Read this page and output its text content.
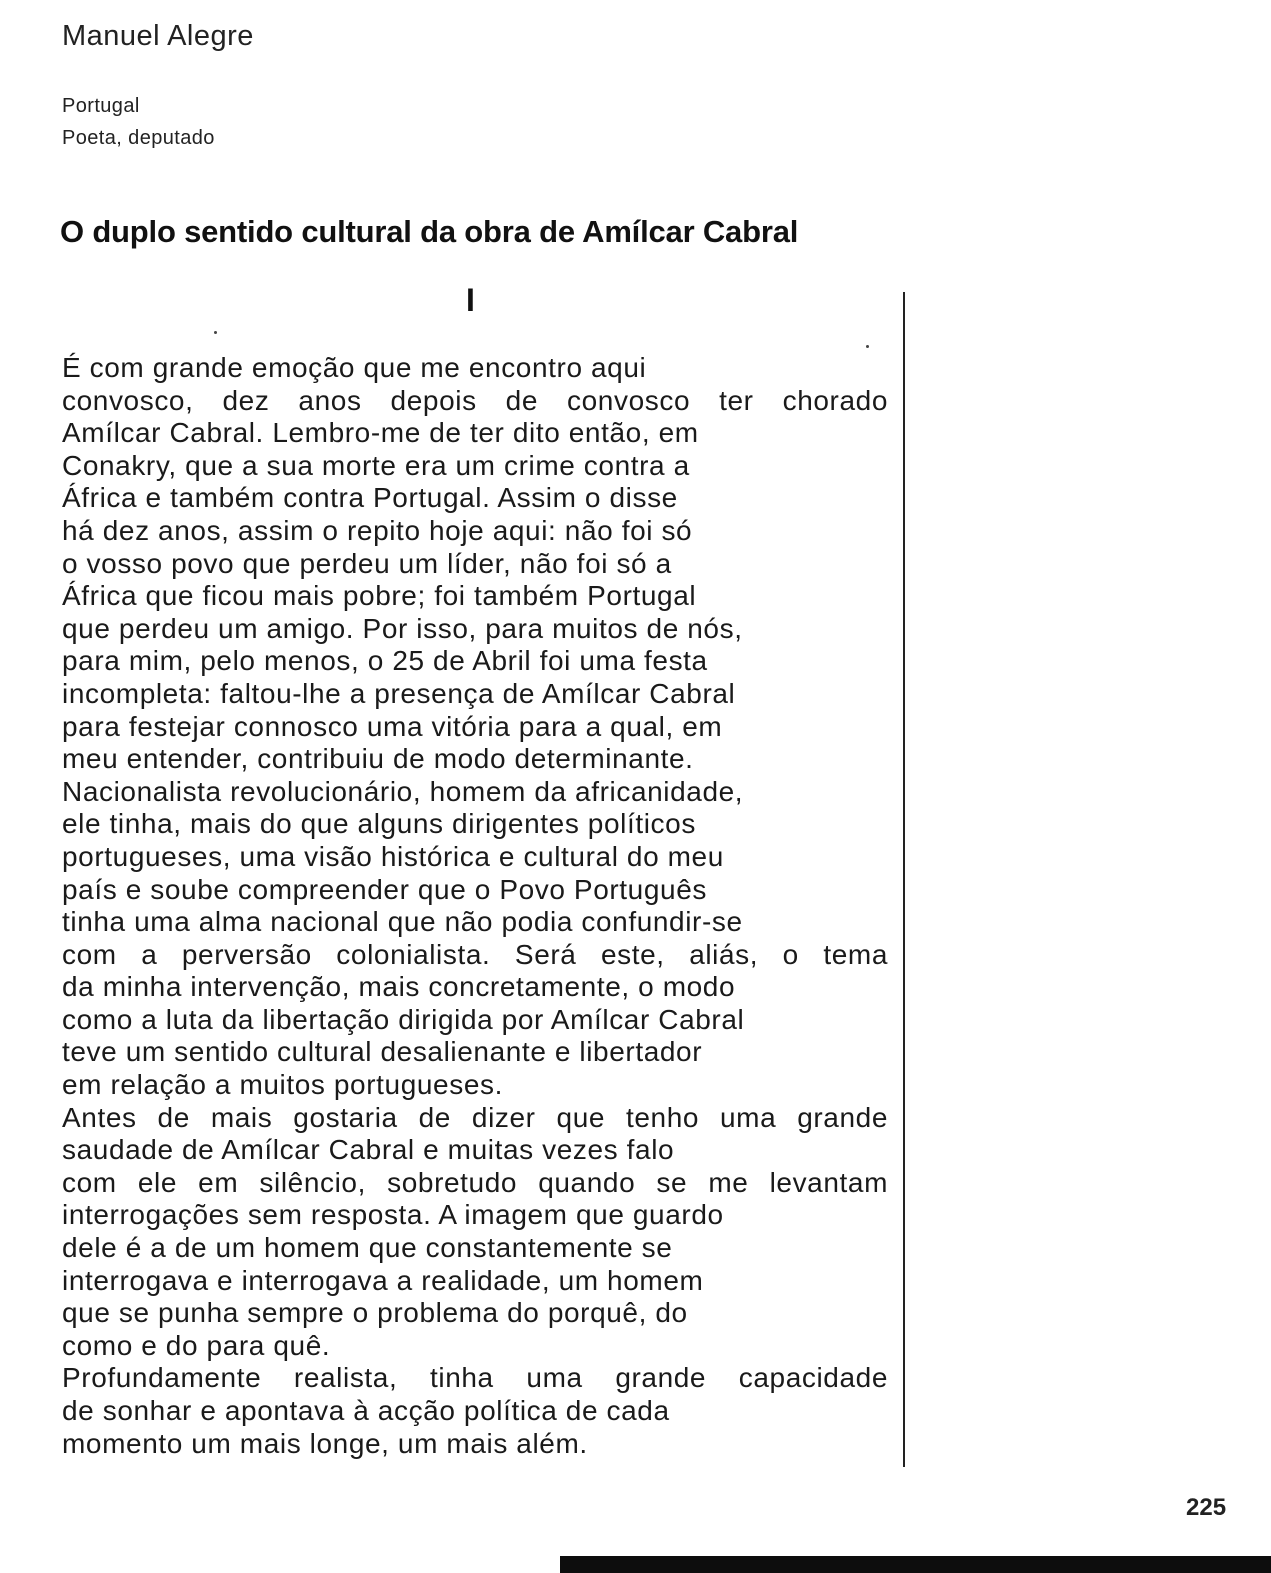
Manuel Alegre
Portugal
Poeta, deputado
O duplo sentido cultural da obra de Amílcar Cabral
I
É com grande emoção que me encontro aqui
convosco, dez anos depois de convosco ter chorado
Amílcar Cabral. Lembro-me de ter dito então, em
Conakry, que a sua morte era um crime contra a
África e também contra Portugal. Assim o disse
há dez anos, assim o repito hoje aqui: não foi só
o vosso povo que perdeu um líder, não foi só a
África que ficou mais pobre; foi também Portugal
que perdeu um amigo. Por isso, para muitos de nós,
para mim, pelo menos, o 25 de Abril foi uma festa
incompleta: faltou-lhe a presença de Amílcar Cabral
para festejar connosco uma vitória para a qual, em
meu entender, contribuiu de modo determinante.
Nacionalista revolucionário, homem da africanidade,
ele tinha, mais do que alguns dirigentes políticos
portugueses, uma visão histórica e cultural do meu
país e soube compreender que o Povo Português
tinha uma alma nacional que não podia confundir-se
com a perversão colonialista. Será este, aliás, o tema
da minha intervenção, mais concretamente, o modo
como a luta da libertação dirigida por Amílcar Cabral
teve um sentido cultural desalienante e libertador
em relação a muitos portugueses.
Antes de mais gostaria de dizer que tenho uma grande
saudade de Amílcar Cabral e muitas vezes falo
com ele em silêncio, sobretudo quando se me levantam
interrogações sem resposta. A imagem que guardo
dele é a de um homem que constantemente se
interrogava e interrogava a realidade, um homem
que se punha sempre o problema do porquê, do
como e do para quê.
Profundamente realista, tinha uma grande capacidade
de sonhar e apontava à acção política de cada
momento um mais longe, um mais além.
225
